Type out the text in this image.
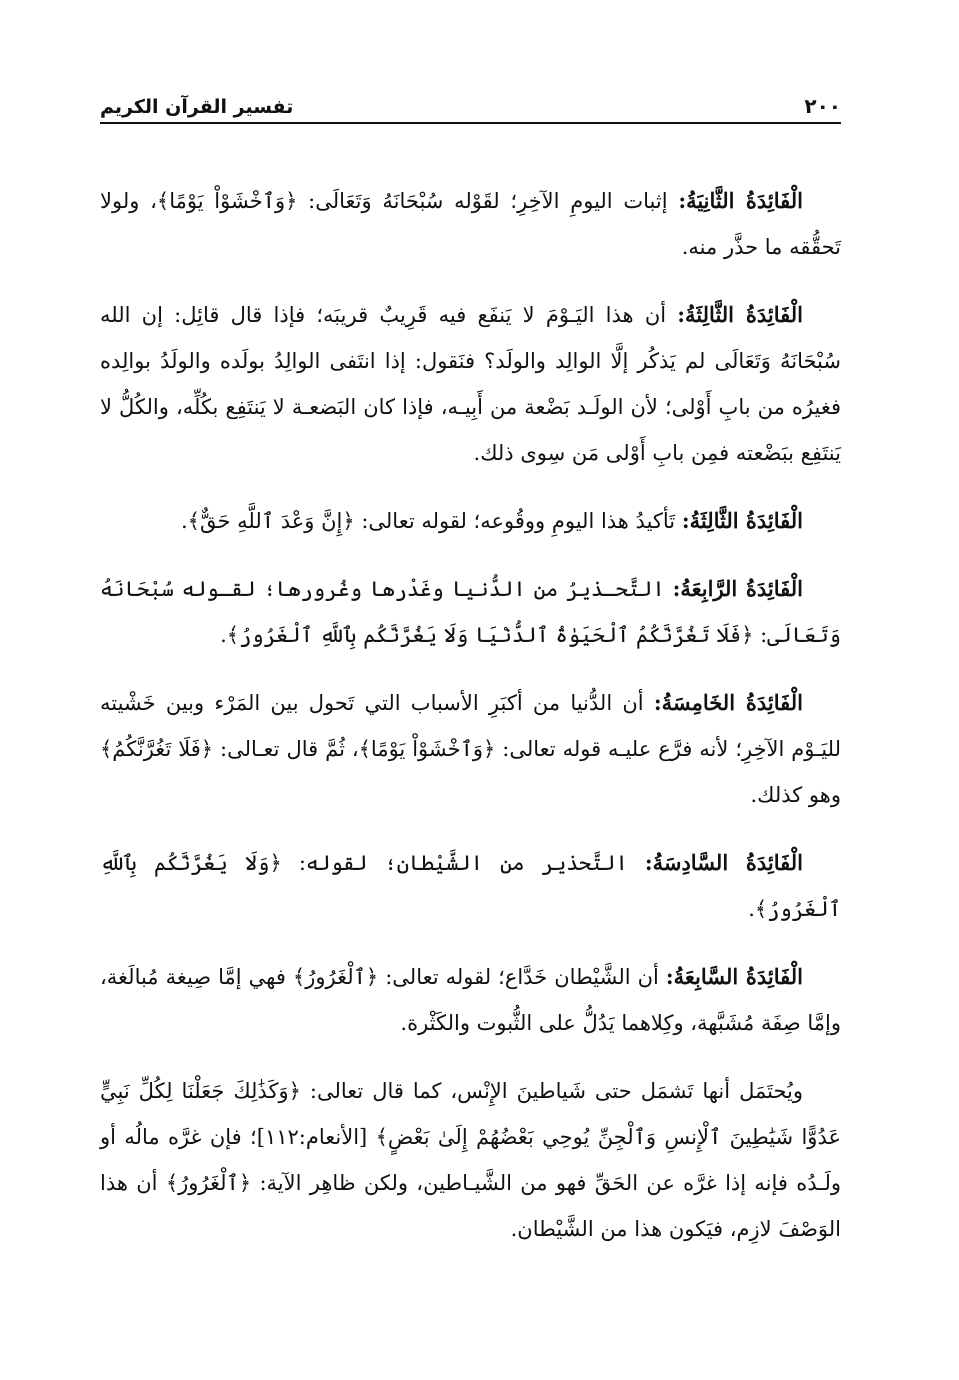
٢٠٠
تفسير القرآن الكريم

الْفَائِدَةُ الثَّانِيَةُ: إثبات اليومِ الآخِرِ؛ لقَوْله سُبْحَانَهُ وَتَعَالَى: ﴿وَٱخْشَوْاْ يَوْمًا﴾، ولولا تَحقُّقه ما حذَّر منه.

الْفَائِدَةُ الثَّالِثَةُ: أن هذا اليَـوْمَ لا يَنفَع فيه قَرِيبٌ قريبَه؛ فإذا قال قائِل: إن الله سُبْحَانَهُ وَتَعَالَى لم يَذكُر إلَّا الوالِد والولَد؟ فنَقول: إذا انتَفى الوالِدُ بولَده والولَدُ بوالِده فغيرُه من بابِ أَوْلى؛ لأن الولَـد بَضْعة من أَبِيـه، فإذا كان البَضعـة لا يَنتَفِع بكُلِّه، والكُلُّ لا يَنتَفِع ببَضْعته فمِن بابِ أَوْلى مَن سِوى ذلك.

الْفَائِدَةُ الثَّالِثَةُ: تَأكيدُ هذا اليومِ ووقُوعه؛ لقوله تعالى: ﴿إِنَّ وَعْدَ ٱللَّهِ حَقٌّ﴾.

الْفَائِدَةُ الرَّابِعَةُ: التَّحـذيرُ من الدُّنيا وغَدْرها وغُرورها؛ لقـوله سُبْحَانَهُ وَتَعَالَى: ﴿فَلَا تَغُرَّنَّكُمُ ٱلْحَيَوٰةُ ٱلدُّنْيَا وَلَا يَغُرَّنَّكُم بِٱللَّهِ ٱلْغَرُورُ﴾.

الْفَائِدَةُ الخَامِسَةُ: أن الدُّنيا من أكبَرِ الأسباب التي تَحول بين المَرْء وبين خَشْيته لليَـوْم الآخِرِ؛ لأنه فرَّع عليـه قوله تعالى: ﴿وَٱخْشَوْاْ يَوْمًا﴾، ثُمَّ قال تعـالى: ﴿فَلَا تَغُرَّنَّكُمُ﴾ وهو كذلك.

الْفَائِدَةُ السَّادِسَةُ: التَّحذير من الشَّيْطان؛ لقوله: ﴿وَلَا يَغُرَّنَّكُم بِٱللَّهِ ٱلْغَرُورُ﴾.

الْفَائِدَةُ السَّابِعَةُ: أن الشَّيْطان خَدَّاع؛ لقوله تعالى: ﴿ٱلْغَرُورُ﴾ فهي إمَّا صِيغة مُبالَغة، وإمَّا صِفَة مُشَبَّهة، وكِلاهما يَدُلُّ على الثُّبوت والكَثْرة.

ويُحتَمَل أنها تَشمَل حتى شَياطينَ الإِنْس، كما قال تعالى: ﴿وَكَذَٰلِكَ جَعَلْنَا لِكُلِّ نَبِيٍّ عَدُوًّا شَيَٰطِينَ ٱلْإِنسِ وَٱلْجِنِّ يُوحِي بَعْضُهُمْ إِلَىٰ بَعْضٍ﴾ [الأنعام:١١٢]؛ فإن غرَّه مالُه أو ولَـدُه فإنه إذا غرَّه عن الحَقِّ فهو من الشَّيـاطين، ولكن ظاهِر الآية: ﴿ٱلْغَرُورُ﴾ أن هذا الوَصْفَ لازِم، فيَكون هذا من الشَّيْطان.
